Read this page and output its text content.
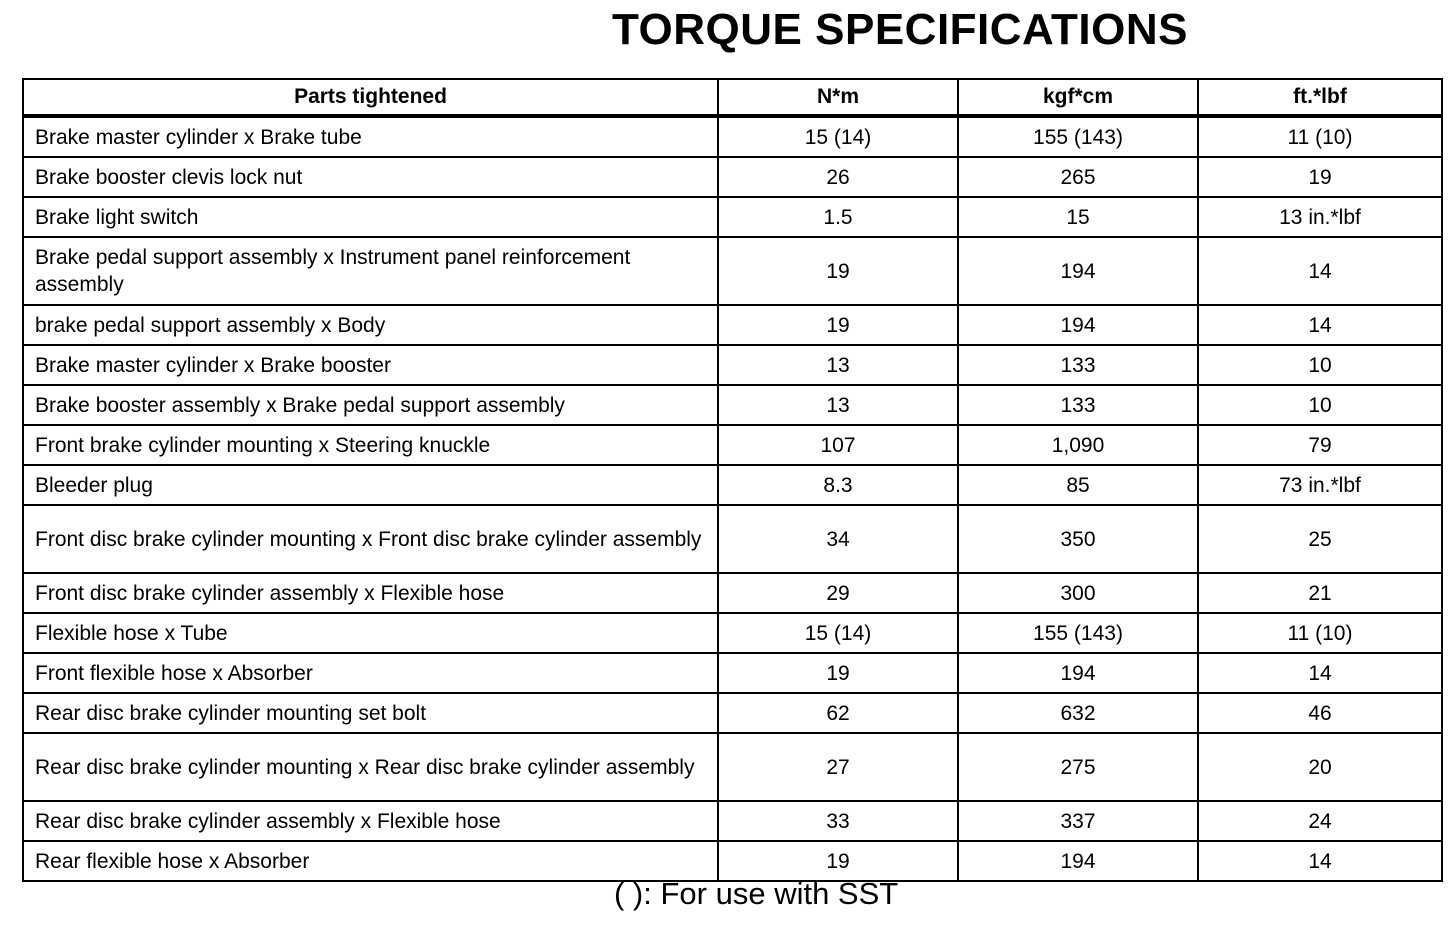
TORQUE SPECIFICATIONS
Parts tightened	N*m	kgf*cm	ft.*lbf
Brake master cylinder x Brake tube	15 (14)	155 (143)	11 (10)
Brake booster clevis lock nut	26	265	19
Brake light switch	1.5	15	13 in.*lbf
Brake pedal support assembly x Instrument panel reinforcement assembly	19	194	14
brake pedal support assembly x Body	19	194	14
Brake master cylinder x Brake booster	13	133	10
Brake booster assembly x Brake pedal support assembly	13	133	10
Front brake cylinder mounting x Steering knuckle	107	1,090	79
Bleeder plug	8.3	85	73 in.*lbf
Front disc brake cylinder mounting x Front disc brake cylinder assembly	34	350	25
Front disc brake cylinder assembly x Flexible hose	29	300	21
Flexible hose x Tube	15 (14)	155 (143)	11 (10)
Front flexible hose x Absorber	19	194	14
Rear disc brake cylinder mounting set bolt	62	632	46
Rear disc brake cylinder mounting x Rear disc brake cylinder assembly	27	275	20
Rear disc brake cylinder assembly x Flexible hose	33	337	24
Rear flexible hose x Absorber	19	194	14
( ): For use with SST
